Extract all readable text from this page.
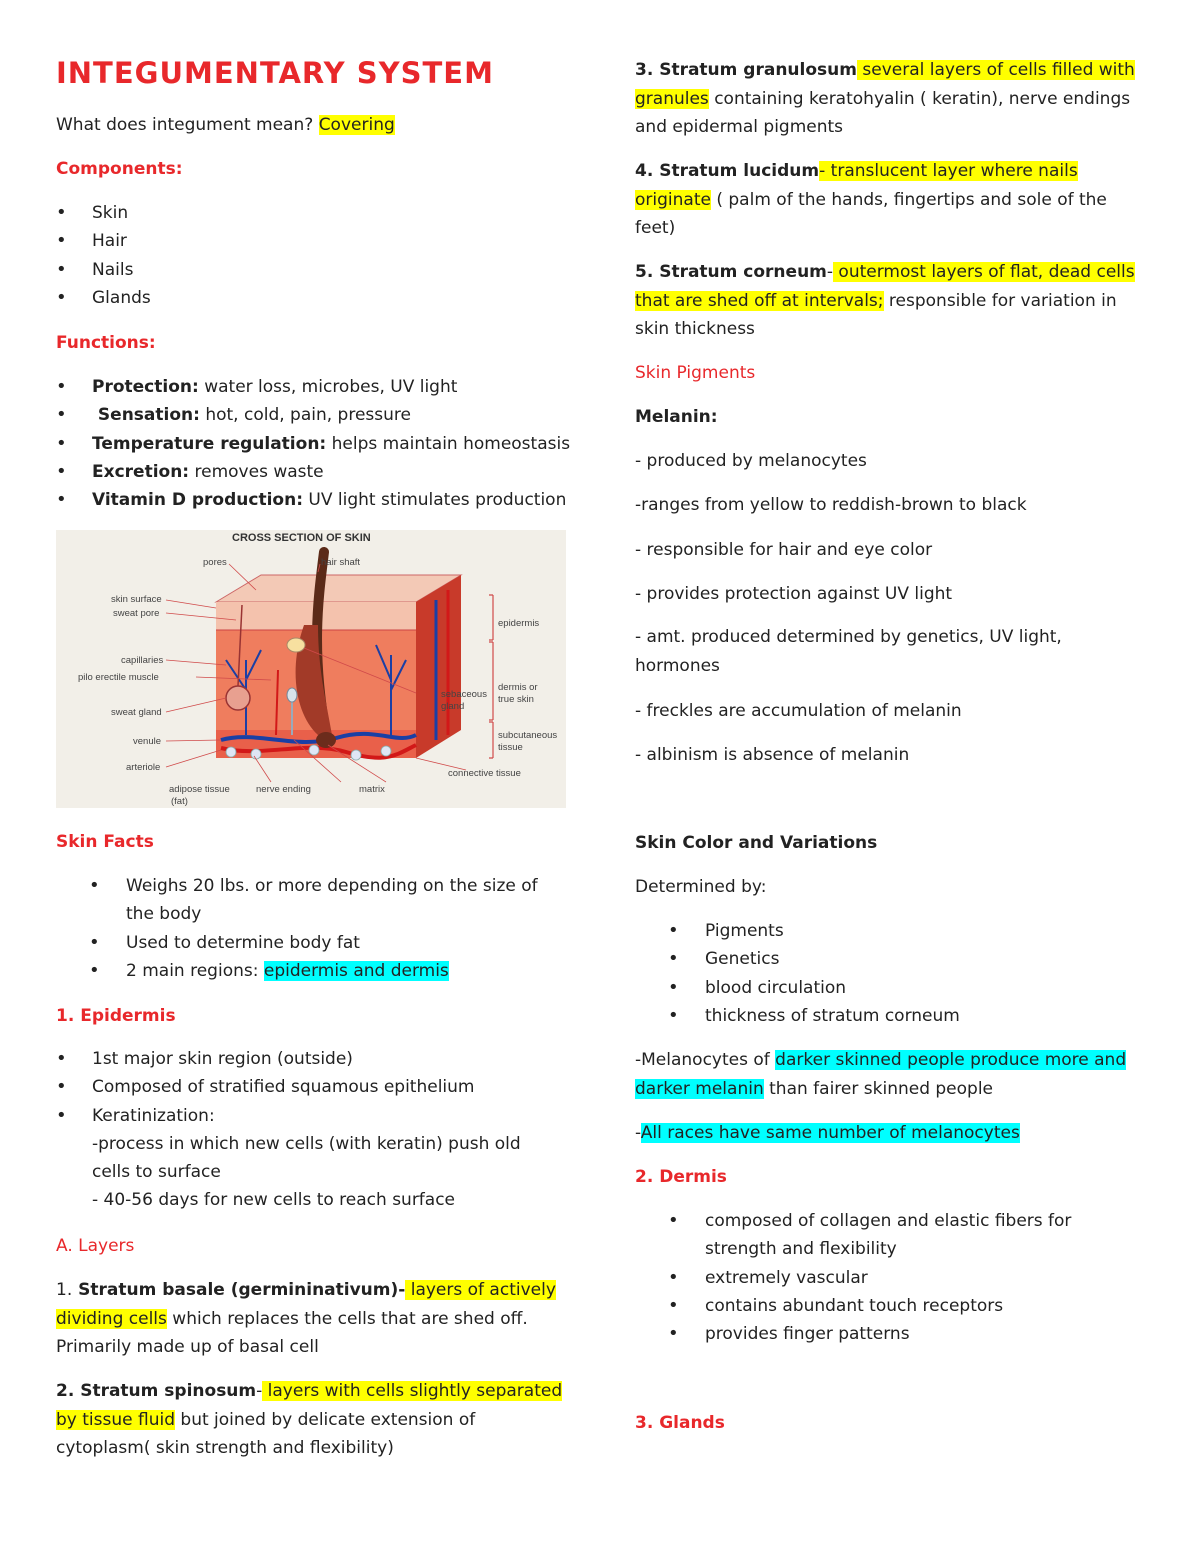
INTEGUMENTARY SYSTEM
What does integument mean? Covering
Components:
• Skin
• Hair
• Nails
• Glands
Functions:
• Protection: water loss, microbes, UV light
•  Sensation: hot, cold, pain, pressure
• Temperature regulation: helps maintain homeostasis
• Excretion: removes waste
• Vitamin D production: UV light stimulates production
CROSS SECTION OF SKIN
pores	hair shaft
skin surface
sweat pore
capillaries
pilo erectile muscle
sweat gland
venule
arteriole
adipose tissue
(fat)
nerve ending	matrix
epidermis
sebaceous
gland
dermis or
true skin
subcutaneous
tissue
connective tissue
Skin Facts
• Weighs 20 lbs. or more depending on the size of the body
• Used to determine body fat
• 2 main regions: epidermis and dermis
1. Epidermis
• 1st major skin region (outside)
• Composed of stratified squamous epithelium
• Keratinization:
-process in which new cells (with keratin) push old cells to surface
- 40-56 days for new cells to reach surface
A. Layers
1. Stratum basale (germininativum)- layers of actively dividing cells which replaces the cells that are shed off. Primarily made up of basal cell
2. Stratum spinosum- layers with cells slightly separated by tissue fluid but joined by delicate extension of cytoplasm( skin strength and flexibility)
3. Stratum granulosum several layers of cells filled with granules containing keratohyalin ( keratin), nerve endings and epidermal pigments
4. Stratum lucidum- translucent layer where nails originate ( palm of the hands, fingertips and sole of the feet)
5. Stratum corneum- outermost layers of flat, dead cells that are shed off at intervals; responsible for variation in skin thickness
Skin Pigments
Melanin:
- produced by melanocytes
-ranges from yellow to reddish-brown to black
- responsible for hair and eye color
- provides protection against UV light
- amt. produced determined by genetics, UV light, hormones
- freckles are accumulation of melanin
- albinism is absence of melanin
Skin Color and Variations
Determined by:
• Pigments
• Genetics
• blood circulation
• thickness of stratum corneum
-Melanocytes of darker skinned people produce more and darker melanin than fairer skinned people
-All races have same number of melanocytes
2. Dermis
• composed of collagen and elastic fibers for strength and flexibility
• extremely vascular
• contains abundant touch receptors
• provides finger patterns
3. Glands
